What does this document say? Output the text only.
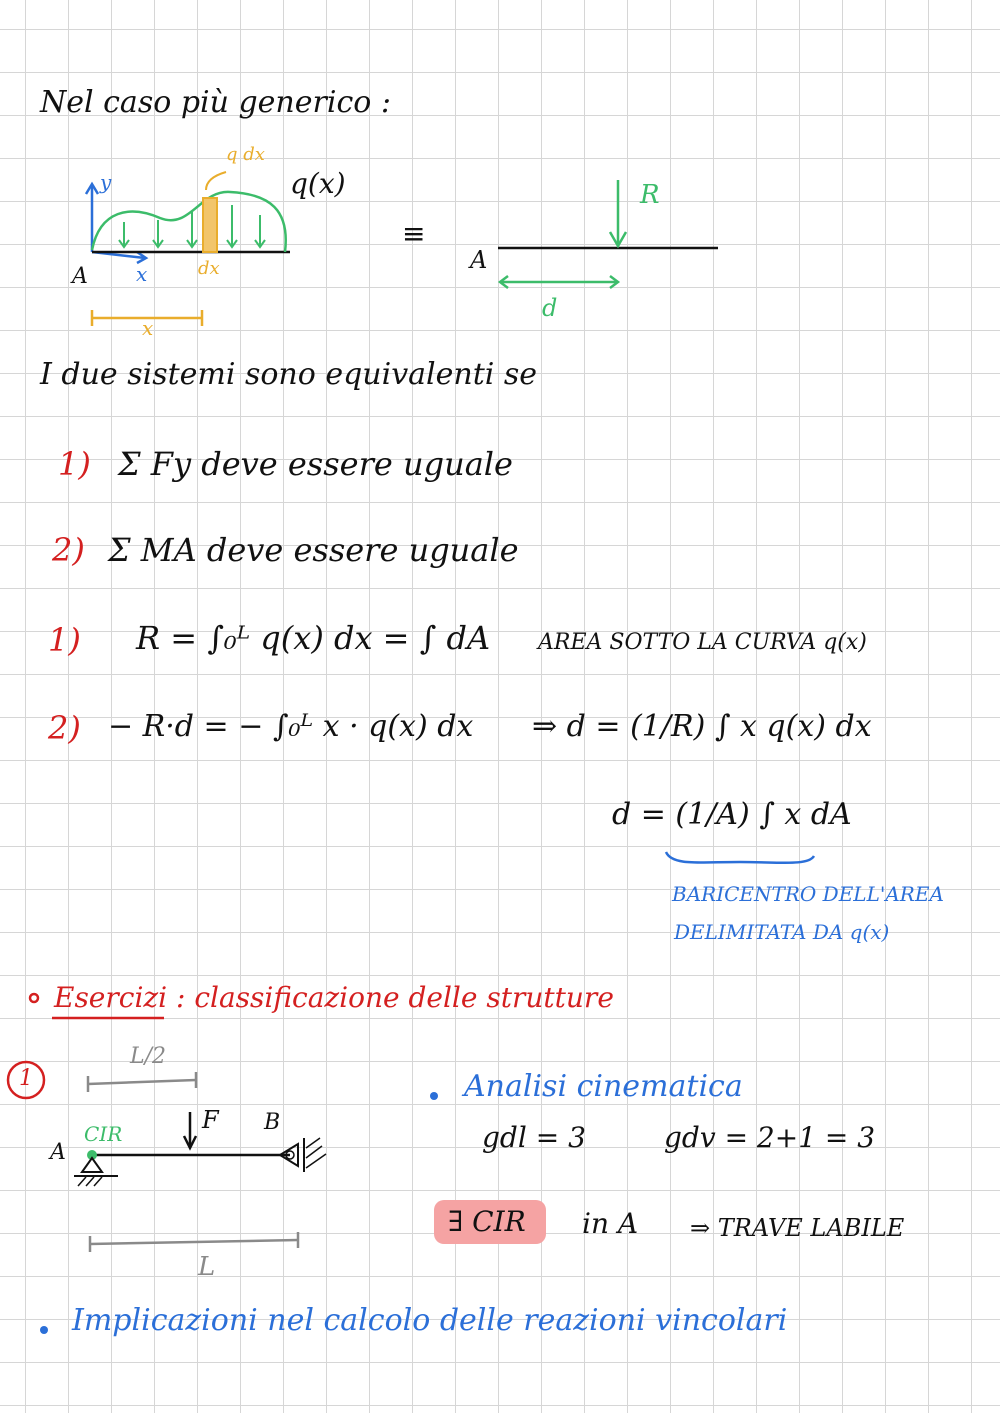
Nel caso più generico :
q dx
q(x)
y
A x	dx
x
≡
A
R
d
I due sistemi sono equivalenti se
1) Σ Fy deve essere uguale
2) Σ MA deve essere uguale
1) R = ∫₀ᴸ q(x) dx = ∫ dA AREA SOTTO LA CURVA q(x)
2) − R·d = − ∫₀ᴸ x · q(x) dx ⇒ d = (1/R) ∫ x q(x) dx
d = (1/A) ∫ x dA
BARICENTRO DELL'AREA
DELIMITATA DA q(x)
Esercizi : classificazione delle strutture
1
L/2
CIR	F B
A
L
Analisi cinematica
gdl = 3	gdv = 2+1 = 3
∃ CIR in A ⇒ TRAVE LABILE
Implicazioni nel calcolo delle reazioni vincolari
